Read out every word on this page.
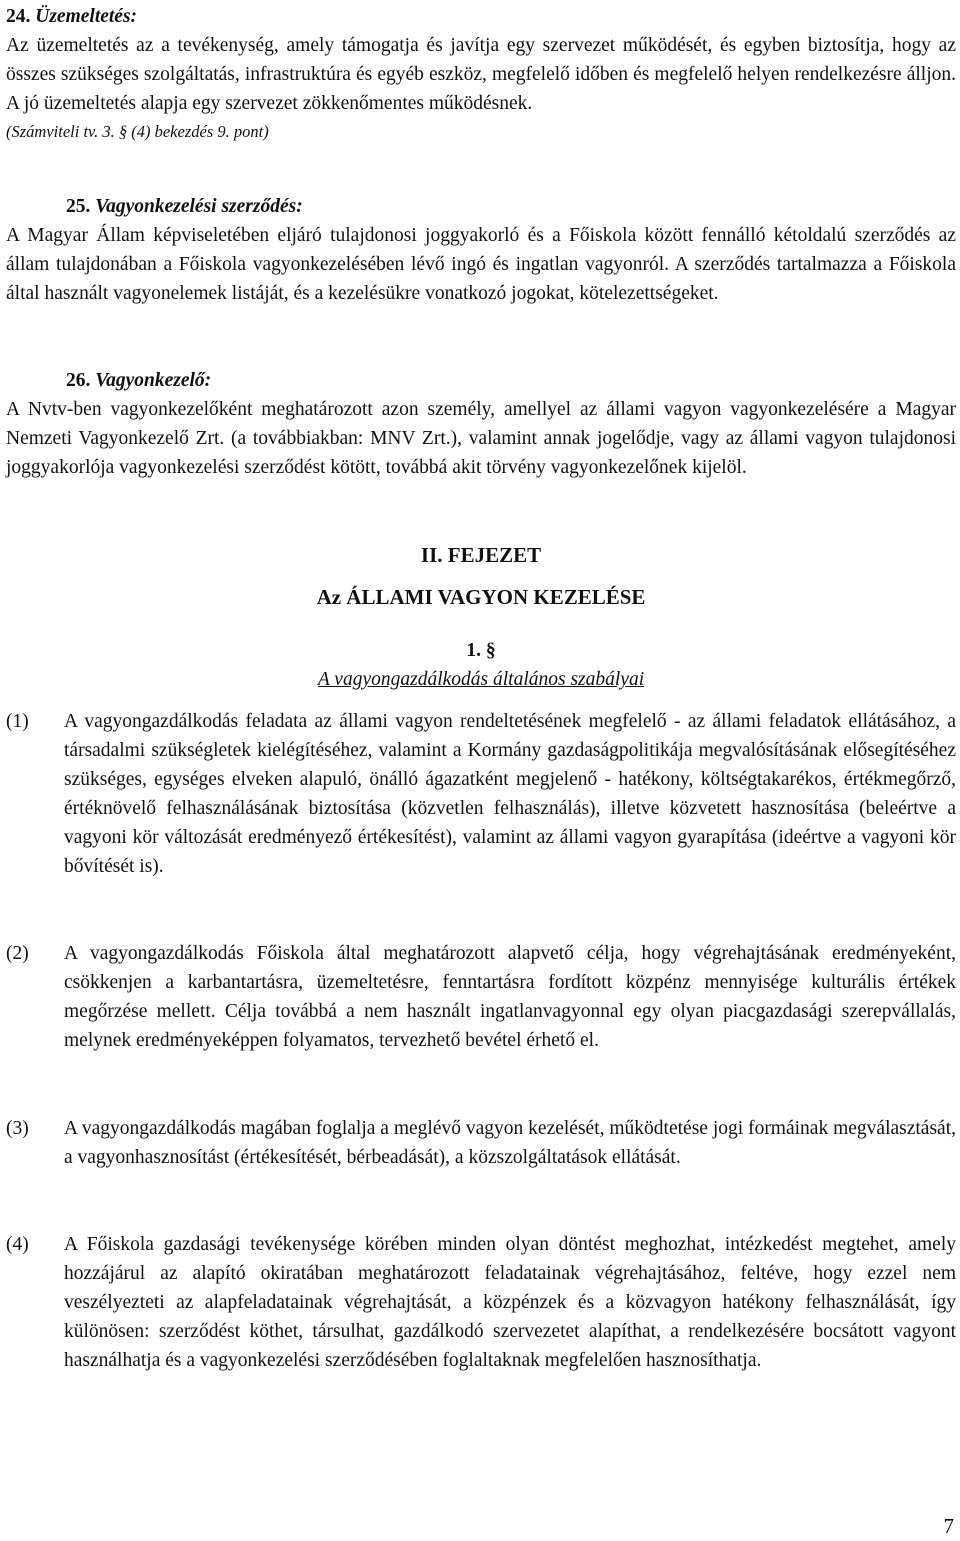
24. Üzemeltetés:

Az üzemeltetés az a tevékenység, amely támogatja és javítja egy szervezet működését, és egyben biztosítja, hogy az összes szükséges szolgáltatás, infrastruktúra és egyéb eszköz, megfelelő időben és megfelelő helyen rendelkezésre álljon. A jó üzemeltetés alapja egy szervezet zökkenőmentes működésnek.

(Számviteli tv. 3. § (4) bekezdés 9. pont)

25. Vagyonkezelési szerződés:

A Magyar Állam képviseletében eljáró tulajdonosi joggyakorló és a Főiskola között fennálló kétoldalú szerződés az állam tulajdonában a Főiskola vagyonkezelésében lévő ingó és ingatlan vagyonról. A szerződés tartalmazza a Főiskola által használt vagyonelemek listáját, és a kezelésükre vonatkozó jogokat, kötelezettségeket.

26. Vagyonkezelő:

A Nvtv-ben vagyonkezelőként meghatározott azon személy, amellyel az állami vagyon vagyonkezelésére a Magyar Nemzeti Vagyonkezelő Zrt. (a továbbiakban: MNV Zrt.), valamint annak jogelődje, vagy az állami vagyon tulajdonosi joggyakorlója vagyonkezelési szerződést kötött, továbbá akit törvény vagyonkezelőnek kijelöl.

II. FEJEZET

Az ÁLLAMI VAGYON KEZELÉSE

1. §

A vagyongazdálkodás általános szabályai

(1) A vagyongazdálkodás feladata az állami vagyon rendeltetésének megfelelő - az állami feladatok ellátásához, a társadalmi szükségletek kielégítéséhez, valamint a Kormány gazdaságpolitikája megvalósításának elősegítéséhez szükséges, egységes elveken alapuló, önálló ágazatként megjelenő - hatékony, költségtakarékos, értékmegőrző, értéknövelő felhasználásának biztosítása (közvetlen felhasználás), illetve közvetett hasznosítása (beleértve a vagyoni kör változását eredményező értékesítést), valamint az állami vagyon gyarapítása (ideértve a vagyoni kör bővítését is).

(2) A vagyongazdálkodás Főiskola által meghatározott alapvető célja, hogy végrehajtásának eredményeként, csökkenjen a karbantartásra, üzemeltetésre, fenntartásra fordított közpénz mennyisége kulturális értékek megőrzése mellett. Célja továbbá a nem használt ingatlanvagyonnal egy olyan piacgazdasági szerepvállalás, melynek eredményeképpen folyamatos, tervezhető bevétel érhető el.

(3) A vagyongazdálkodás magában foglalja a meglévő vagyon kezelését, működtetése jogi formáinak megválasztását, a vagyonhasznosítást (értékesítését, bérbeadását), a közszolgáltatások ellátását.

(4) A Főiskola gazdasági tevékenysége körében minden olyan döntést meghozhat, intézkedést megtehet, amely hozzájárul az alapító okiratában meghatározott feladatainak végrehajtásához, feltéve, hogy ezzel nem veszélyezteti az alapfeladatainak végrehajtását, a közpénzek és a közvagyon hatékony felhasználását, így különösen: szerződést köthet, társulhat, gazdálkodó szervezetet alapíthat, a rendelkezésére bocsátott vagyont használhatja és a vagyonkezelési szerződésében foglaltaknak megfelelően hasznosíthatja.

7
